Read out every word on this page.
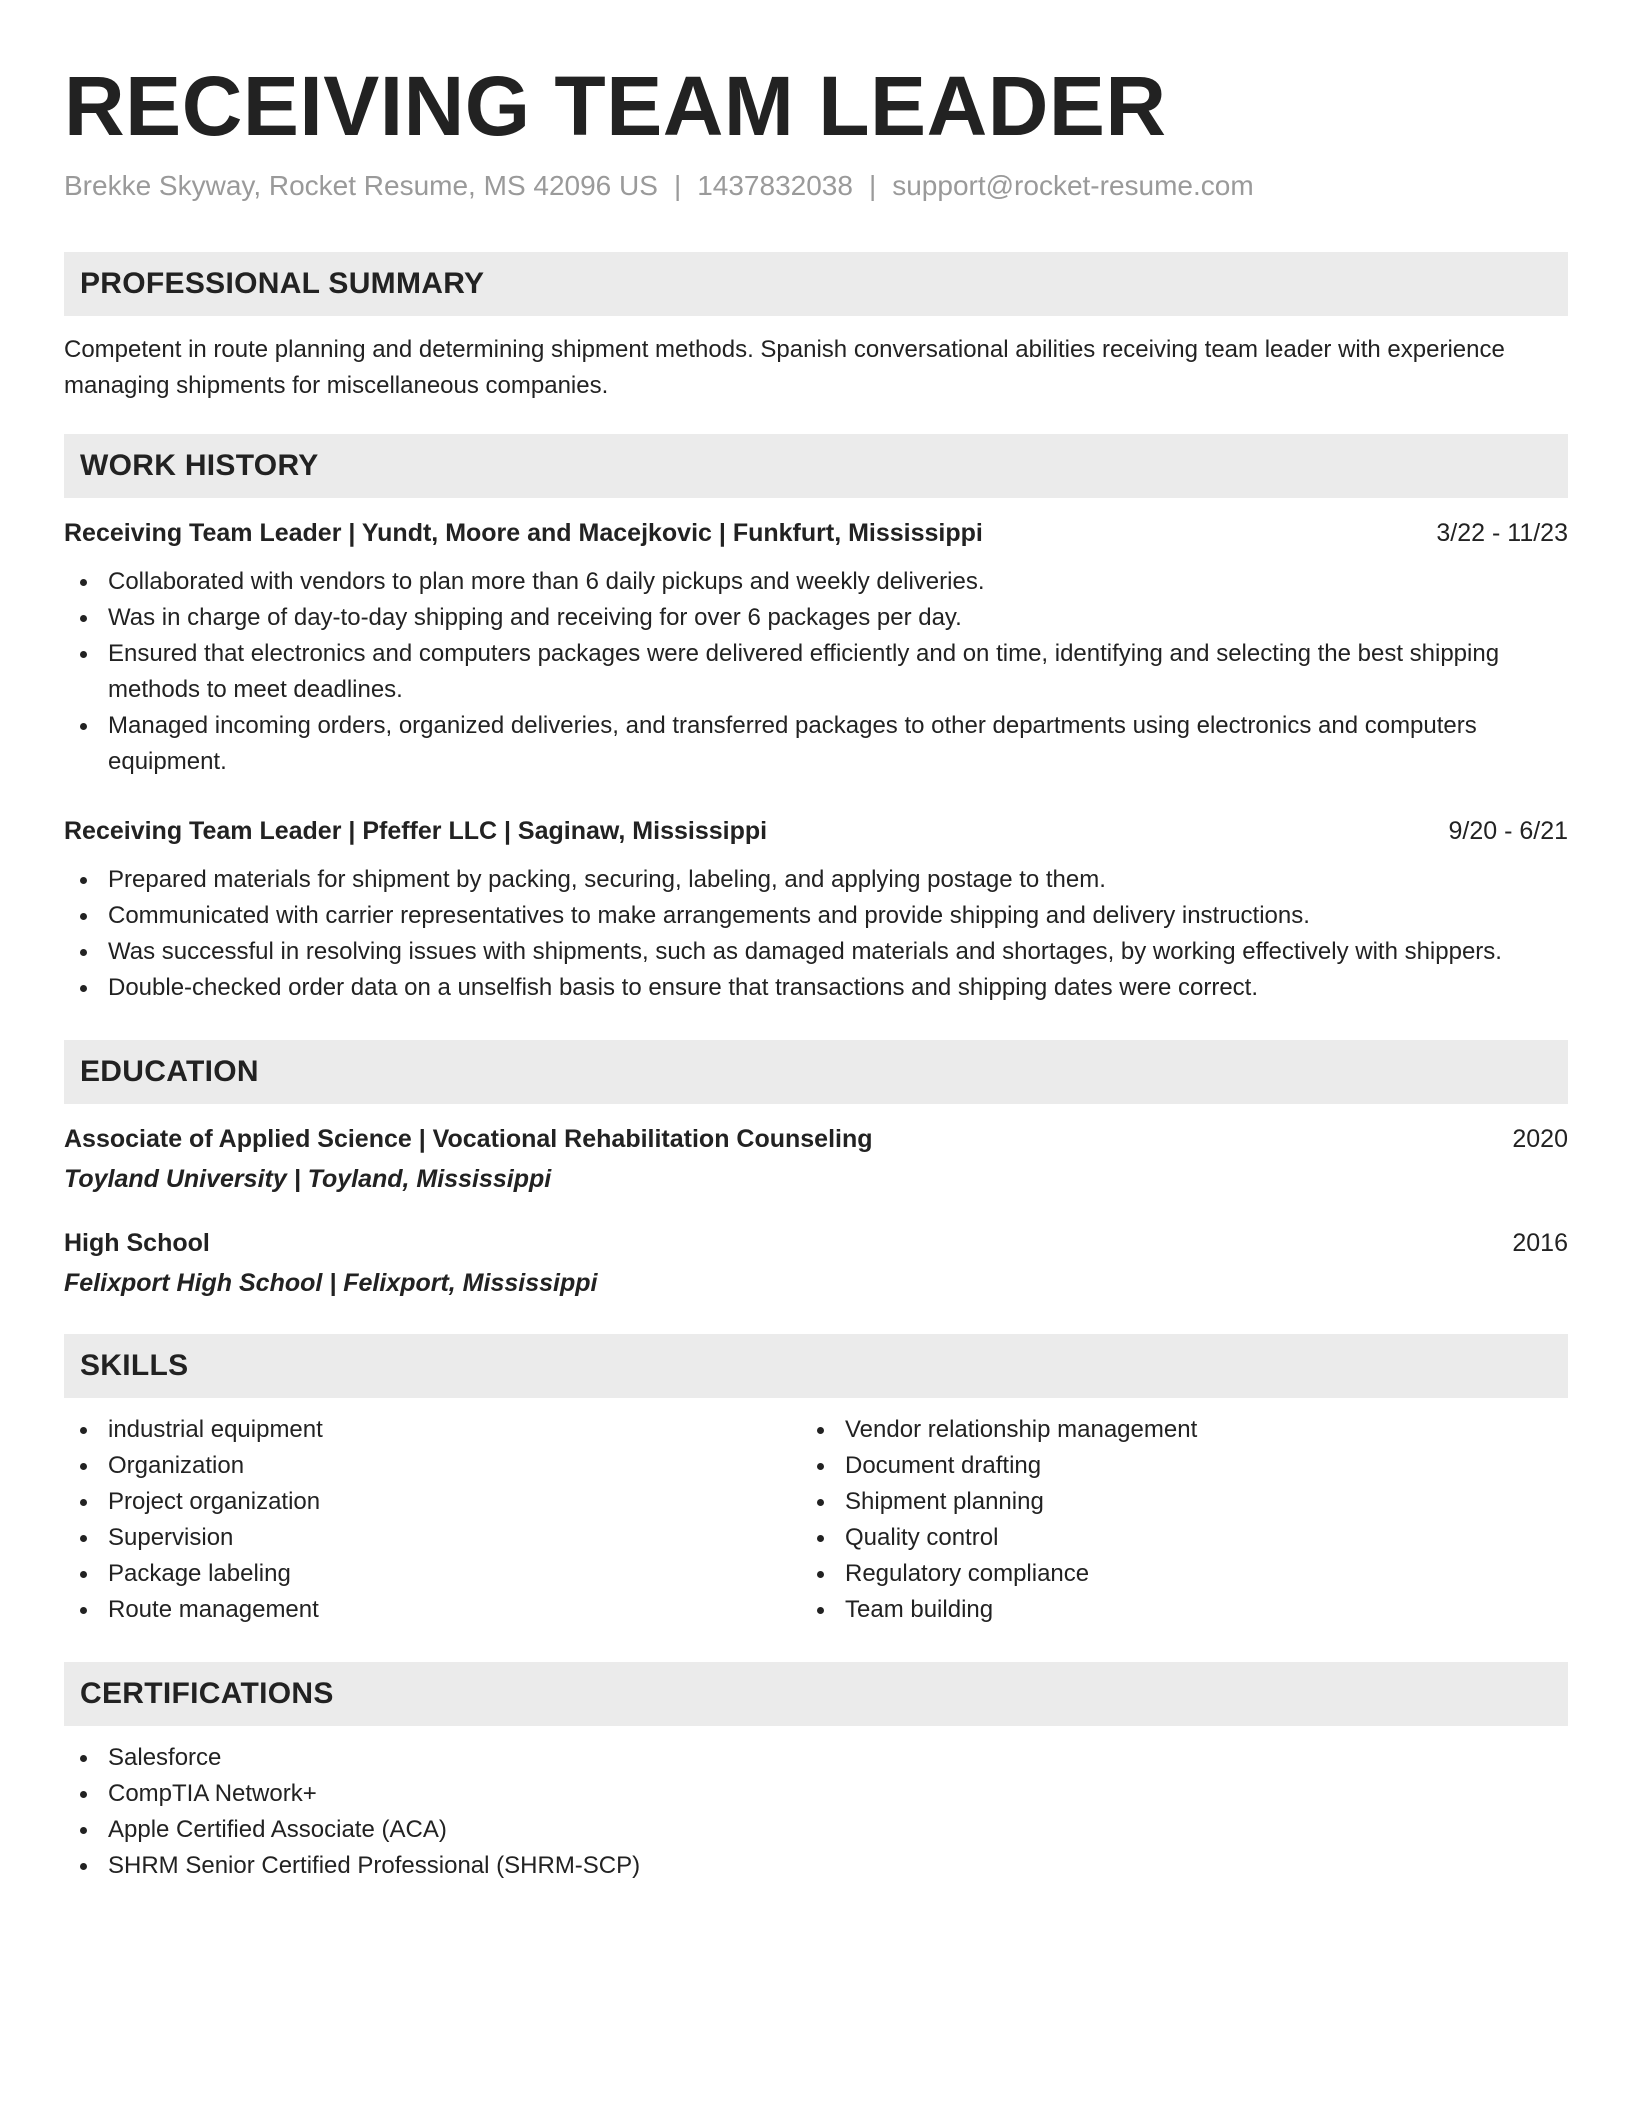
RECEIVING TEAM LEADER
Brekke Skyway, Rocket Resume, MS 42096 US | 1437832038 | support@rocket-resume.com
PROFESSIONAL SUMMARY
Competent in route planning and determining shipment methods. Spanish conversational abilities receiving team leader with experience managing shipments for miscellaneous companies.
WORK HISTORY
Receiving Team Leader | Yundt, Moore and Macejkovic | Funkfurt, Mississippi	3/22 - 11/23
Collaborated with vendors to plan more than 6 daily pickups and weekly deliveries.
Was in charge of day-to-day shipping and receiving for over 6 packages per day.
Ensured that electronics and computers packages were delivered efficiently and on time, identifying and selecting the best shipping methods to meet deadlines.
Managed incoming orders, organized deliveries, and transferred packages to other departments using electronics and computers equipment.
Receiving Team Leader | Pfeffer LLC | Saginaw, Mississippi	9/20 - 6/21
Prepared materials for shipment by packing, securing, labeling, and applying postage to them.
Communicated with carrier representatives to make arrangements and provide shipping and delivery instructions.
Was successful in resolving issues with shipments, such as damaged materials and shortages, by working effectively with shippers.
Double-checked order data on a unselfish basis to ensure that transactions and shipping dates were correct.
EDUCATION
Associate of Applied Science | Vocational Rehabilitation Counseling	2020
Toyland University | Toyland, Mississippi
High School	2016
Felixport High School | Felixport, Mississippi
SKILLS
industrial equipment
Organization
Project organization
Supervision
Package labeling
Route management
Vendor relationship management
Document drafting
Shipment planning
Quality control
Regulatory compliance
Team building
CERTIFICATIONS
Salesforce
CompTIA Network+
Apple Certified Associate (ACA)
SHRM Senior Certified Professional (SHRM-SCP)
